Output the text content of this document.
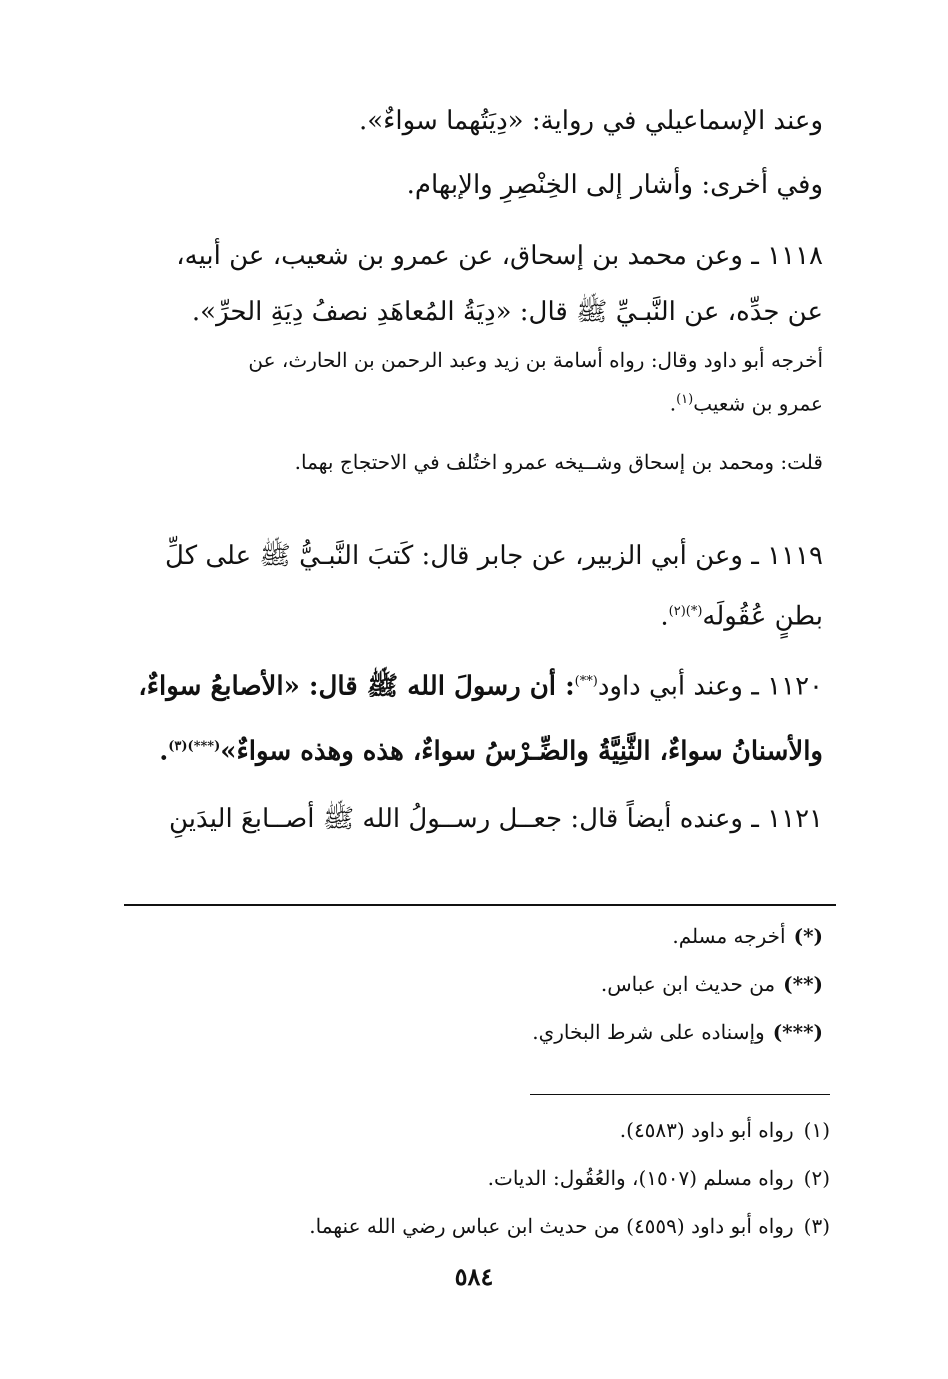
وعند الإسماعيلي في رواية: «دِيَتُهما سواءٌ».

وفي أخرى: وأشار إلى الخِنْصِرِ والإبهام.

١١١٨ ـ وعن محمد بن إسحاق، عن عمرو بن شعيب، عن أبيه،

عن جدِّه، عن النَّبـيِّ ﷺ قال: «دِيَةُ المُعاهَدِ نصفُ دِيَةِ الحرِّ».

أخرجه أبو داود وقال: رواه أسامة بن زيد وعبد الرحمن بن الحارث، عن

عمرو بن شعيب$^{(١)}$.

قلت: ومحمد بن إسحاق وشــيخه عمرو اختُلف في الاحتجاج بهما.

١١١٩ ـ وعن أبي الزبير، عن جابر قال: كَتبَ النَّبـيُّ ﷺ على كلِّ

بطنٍ عُقُولَه$^{(*)(٢)}$.

١١٢٠ ـ وعند أبي داود(**): أن رسولَ الله ﷺ قال: «الأصابعُ سواءٌ،

والأسنانُ سواءٌ، الثَّنِيَّةُ والضِّـرْسُ سواءٌ، هذه وهذه سواءٌ»$^{(***)(٣)}$.

١١٢١ ـ وعنده أيضاً قال: جعــل رســولُ الله ﷺ أصــابعَ اليدَينِ

(*)أخرجه مسلم.
(**)من حديث ابن عباس.
(***)وإسناده على شرط البخاري.
(١)رواه أبو داود (٤٥٨٣).
(٢)رواه مسلم (١٥٠٧)، والعُقُول: الديات.
(٣)رواه أبو داود (٤٥٥٩) من حديث ابن عباس رضي الله عنهما.
٥٨٤
